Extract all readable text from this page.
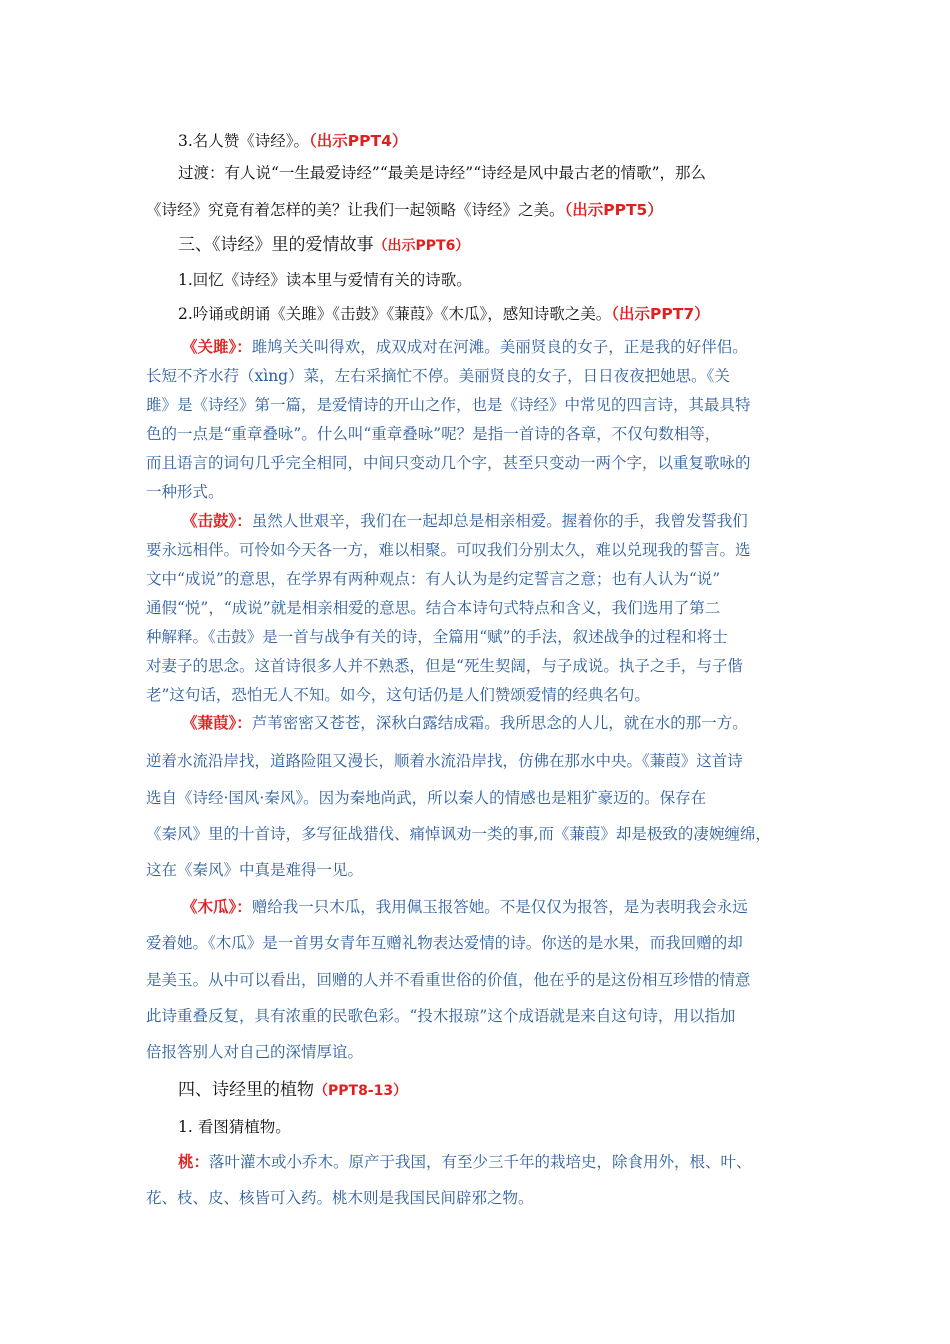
3.名人赞《诗经》。（出示PPT4）
过渡：有人说“一生最爱诗经”“最美是诗经”“诗经是风中最古老的情歌”，那么
《诗经》究竟有着怎样的美？让我们一起领略《诗经》之美。（出示PPT5）
三、《诗经》里的爱情故事（出示PPT6）
1.回忆《诗经》读本里与爱情有关的诗歌。
2.吟诵或朗诵《关雎》《击鼓》《蒹葭》《木瓜》，感知诗歌之美。（出示PPT7）
《关雎》：雎鸠关关叫得欢，成双成对在河滩。美丽贤良的女子，正是我的好伴侣。
长短不齐水荇（xìng）菜，左右采摘忙不停。美丽贤良的女子，日日夜夜把她思。《关
雎》是《诗经》第一篇，是爱情诗的开山之作，也是《诗经》中常见的四言诗，其最具特
色的一点是“重章叠咏”。什么叫“重章叠咏”呢？是指一首诗的各章，不仅句数相等，
而且语言的词句几乎完全相同，中间只变动几个字，甚至只变动一两个字，以重复歌咏的
一种形式。
《击鼓》：虽然人世艰辛，我们在一起却总是相亲相爱。握着你的手，我曾发誓我们
要永远相伴。可怜如今天各一方，难以相聚。可叹我们分别太久，难以兑现我的誓言。选
文中“成说”的意思，在学界有两种观点：有人认为是约定誓言之意；也有人认为“说”
通假“悦”，“成说”就是相亲相爱的意思。结合本诗句式特点和含义，我们选用了第二
种解释。《击鼓》是一首与战争有关的诗，全篇用“赋”的手法，叙述战争的过程和将士
对妻子的思念。这首诗很多人并不熟悉，但是“死生契阔，与子成说。执子之手，与子偕
老”这句话，恐怕无人不知。如今，这句话仍是人们赞颂爱情的经典名句。
《蒹葭》：芦苇密密又苍苍，深秋白露结成霜。我所思念的人儿，就在水的那一方。
逆着水流沿岸找，道路险阻又漫长，顺着水流沿岸找，仿佛在那水中央。《蒹葭》这首诗
选自《诗经·国风·秦风》。因为秦地尚武，所以秦人的情感也是粗犷豪迈的。保存在
《秦风》里的十首诗，多写征战猎伐、痛悼讽劝一类的事,而《蒹葭》却是极致的凄婉缠绵，
这在《秦风》中真是难得一见。
《木瓜》：赠给我一只木瓜，我用佩玉报答她。不是仅仅为报答，是为表明我会永远
爱着她。《木瓜》是一首男女青年互赠礼物表达爱情的诗。你送的是水果，而我回赠的却
是美玉。从中可以看出，回赠的人并不看重世俗的价值，他在乎的是这份相互珍惜的情意
此诗重叠反复，具有浓重的民歌色彩。“投木报琼”这个成语就是来自这句诗，用以指加
倍报答别人对自己的深情厚谊。
四、诗经里的植物（PPT8-13）
1. 看图猜植物。
桃：落叶灌木或小乔木。原产于我国，有至少三千年的栽培史，除食用外，根、叶、
花、枝、皮、核皆可入药。桃木则是我国民间辟邪之物。
